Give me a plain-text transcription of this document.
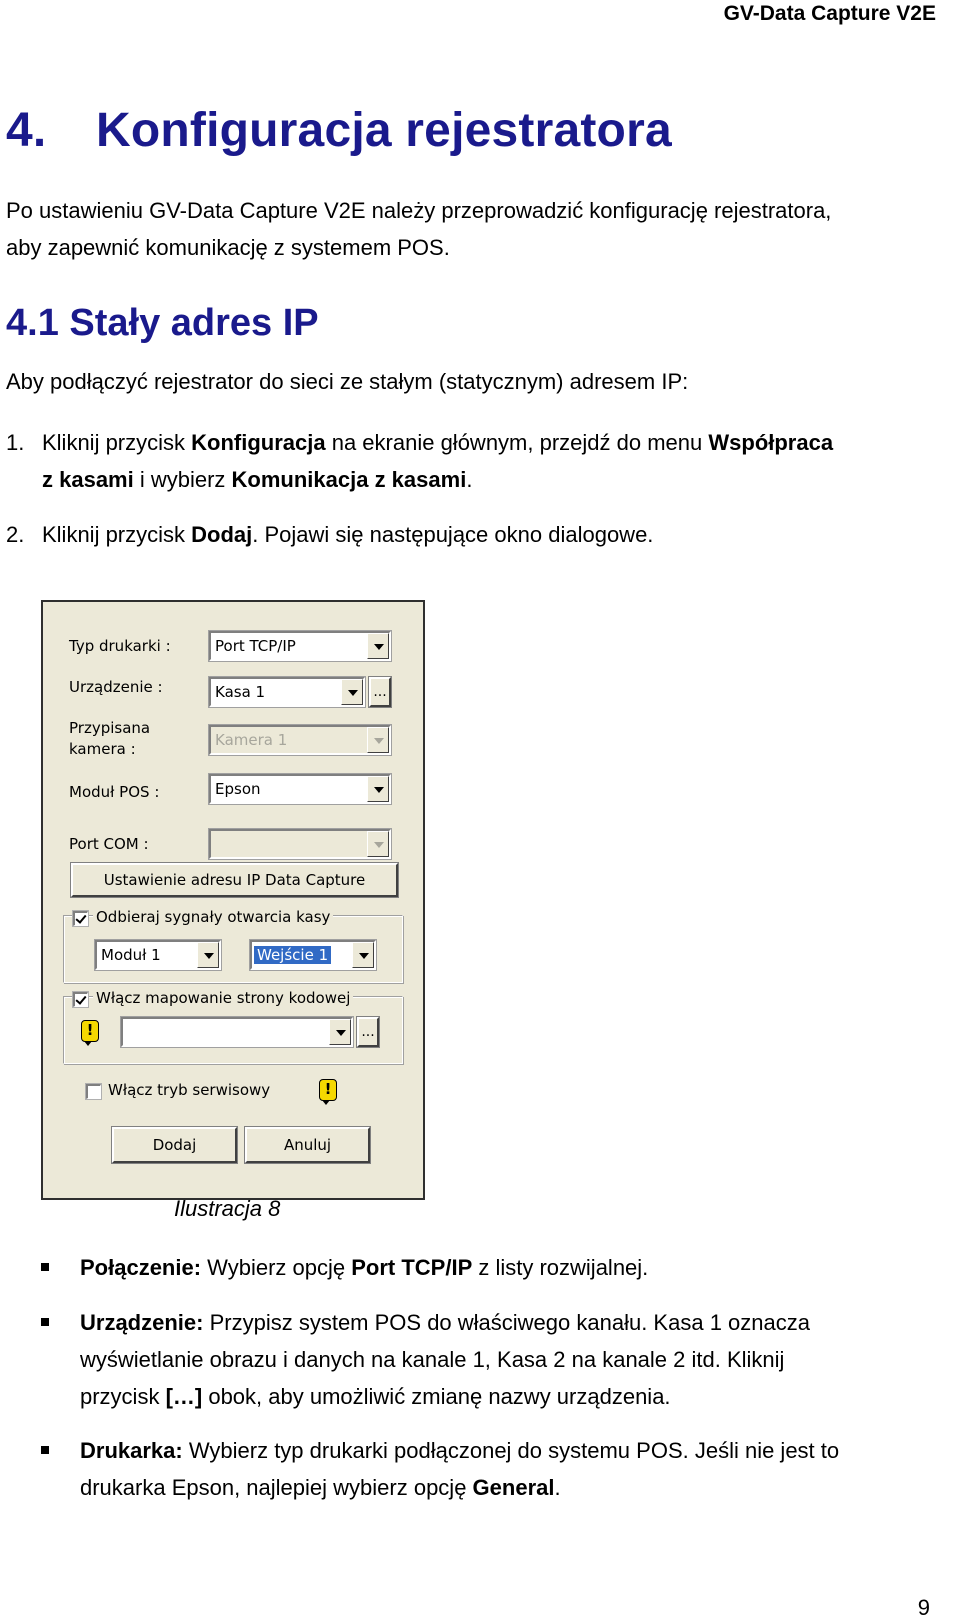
GV-Data Capture V2E
4. Konfiguracja rejestratora
Po ustawieniu GV-Data Capture V2E należy przeprowadzić konfigurację rejestratora,
aby zapewnić komunikację z systemem POS.
4.1 Stały adres IP
Aby podłączyć rejestrator do sieci ze stałym (statycznym) adresem IP:
1. Kliknij przycisk Konfiguracja na ekranie głównym, przejdź do menu Współpraca
z kasami i wybierz Komunikacja z kasami.
2. Kliknij przycisk Dodaj. Pojawi się następujące okno dialogowe.
Typ drukarki :	Port TCP/IP
Urządzenie :	Kasa 1	...
Przypisana
kamera :	Kamera 1
Moduł POS :	Epson
Port COM :
Ustawienie adresu IP Data Capture
Odbieraj sygnały otwarcia kasy
Moduł 1	Wejście 1
Włącz mapowanie strony kodowej
!	...
Włącz tryb serwisowy	!
Dodaj	Anuluj
Ilustracja 8
Połączenie: Wybierz opcję Port TCP/IP z listy rozwijalnej.
Urządzenie: Przypisz system POS do właściwego kanału. Kasa 1 oznacza
wyświetlanie obrazu i danych na kanale 1, Kasa 2 na kanale 2 itd. Kliknij
przycisk […] obok, aby umożliwić zmianę nazwy urządzenia.
Drukarka: Wybierz typ drukarki podłączonej do systemu POS. Jeśli nie jest to
drukarka Epson, najlepiej wybierz opcję General.
9
